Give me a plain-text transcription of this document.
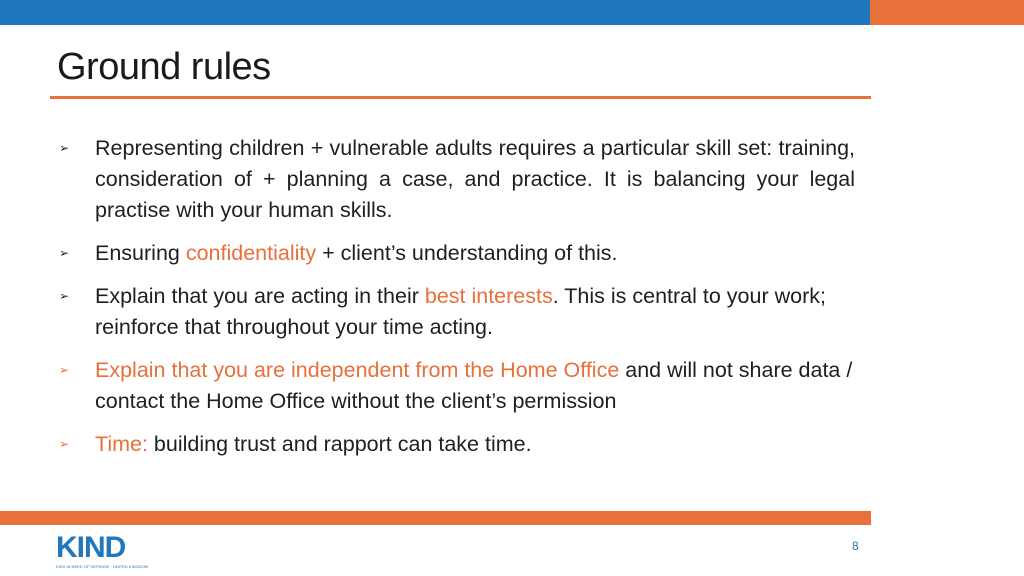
Ground rules
➢ Representing children + vulnerable adults requires a particular skill set: training, consideration of + planning a case, and practice. It is balancing your legal practise with your human skills.
➢ Ensuring confidentiality + client’s understanding of this.
➢ Explain that you are acting in their best interests. This is central to your work; reinforce that throughout your time acting.
➢ Explain that you are independent from the Home Office and will not share data / contact the Home Office without the client’s permission
➢ Time: building trust and rapport can take time.
KIND
KIDS IN NEED OF DEFENSE · UNITED KINGDOM
8
